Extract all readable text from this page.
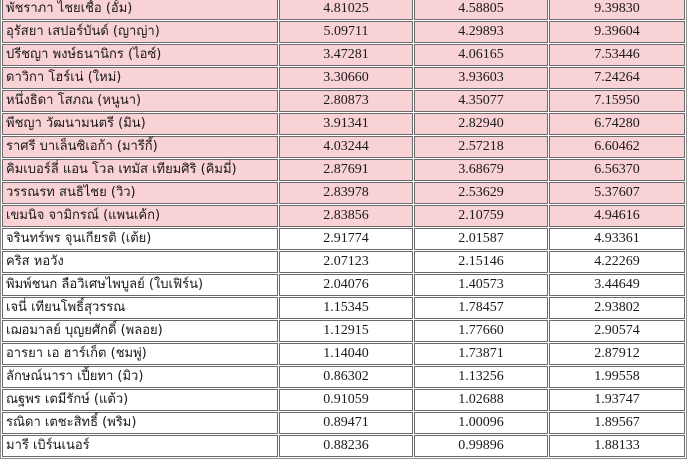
พัชราภา ไชยเชื้อ (อั้ม)	4.81025	4.58805	9.39830
อุรัสยา เสปอร์บันด์ (ญาญ่า)	5.09711	4.29893	9.39604
ปรีชญา พงษ์ธนานิกร (ไอซ์)	3.47281	4.06165	7.53446
ดาวิกา โฮร์เน่ (ใหม่)	3.30660	3.93603	7.24264
หนึ่งธิดา โสภณ (หนูนา)	2.80873	4.35077	7.15950
พีชญา วัฒนามนตรี (มิน)	3.91341	2.82940	6.74280
ราศรี บาเล็นซิเอก้า (มารีกี้)	4.03244	2.57218	6.60462
คิมเบอร์ลี่ แอน โวล เทมัส เทียมศิริ (คิมมี่)	2.87691	3.68679	6.56370
วรรณรท สนธิไชย (วิว)	2.83978	2.53629	5.37607
เขมนิจ จามิกรณ์ (แพนเค้ก)	2.83856	2.10759	4.94616
จรินทร์พร จุนเกียรติ (เต้ย)	2.91774	2.01587	4.93361
คริส หอวัง	2.07123	2.15146	4.22269
พิมพ์ชนก ลือวิเศษไพบูลย์ (ใบเฟิร์น)	2.04076	1.40573	3.44649
เจนี่ เทียนโพธิ์สุวรรณ	1.15345	1.78457	2.93802
เฌอมาลย์ บุญยศักดิ์ (พลอย)	1.12915	1.77660	2.90574
อารยา เอ ฮาร์เก็ต (ชมพู่)	1.14040	1.73871	2.87912
ลักษณ์นารา เปี้ยทา (มิว)	0.86302	1.13256	1.99558
ณฐพร เตมีรักษ์ (แต้ว)	0.91059	1.02688	1.93747
รณิดา เตชะสิทธิ์ (พริม)	0.89471	1.00096	1.89567
มารี เบิร์นเนอร์	0.88236	0.99896	1.88133
